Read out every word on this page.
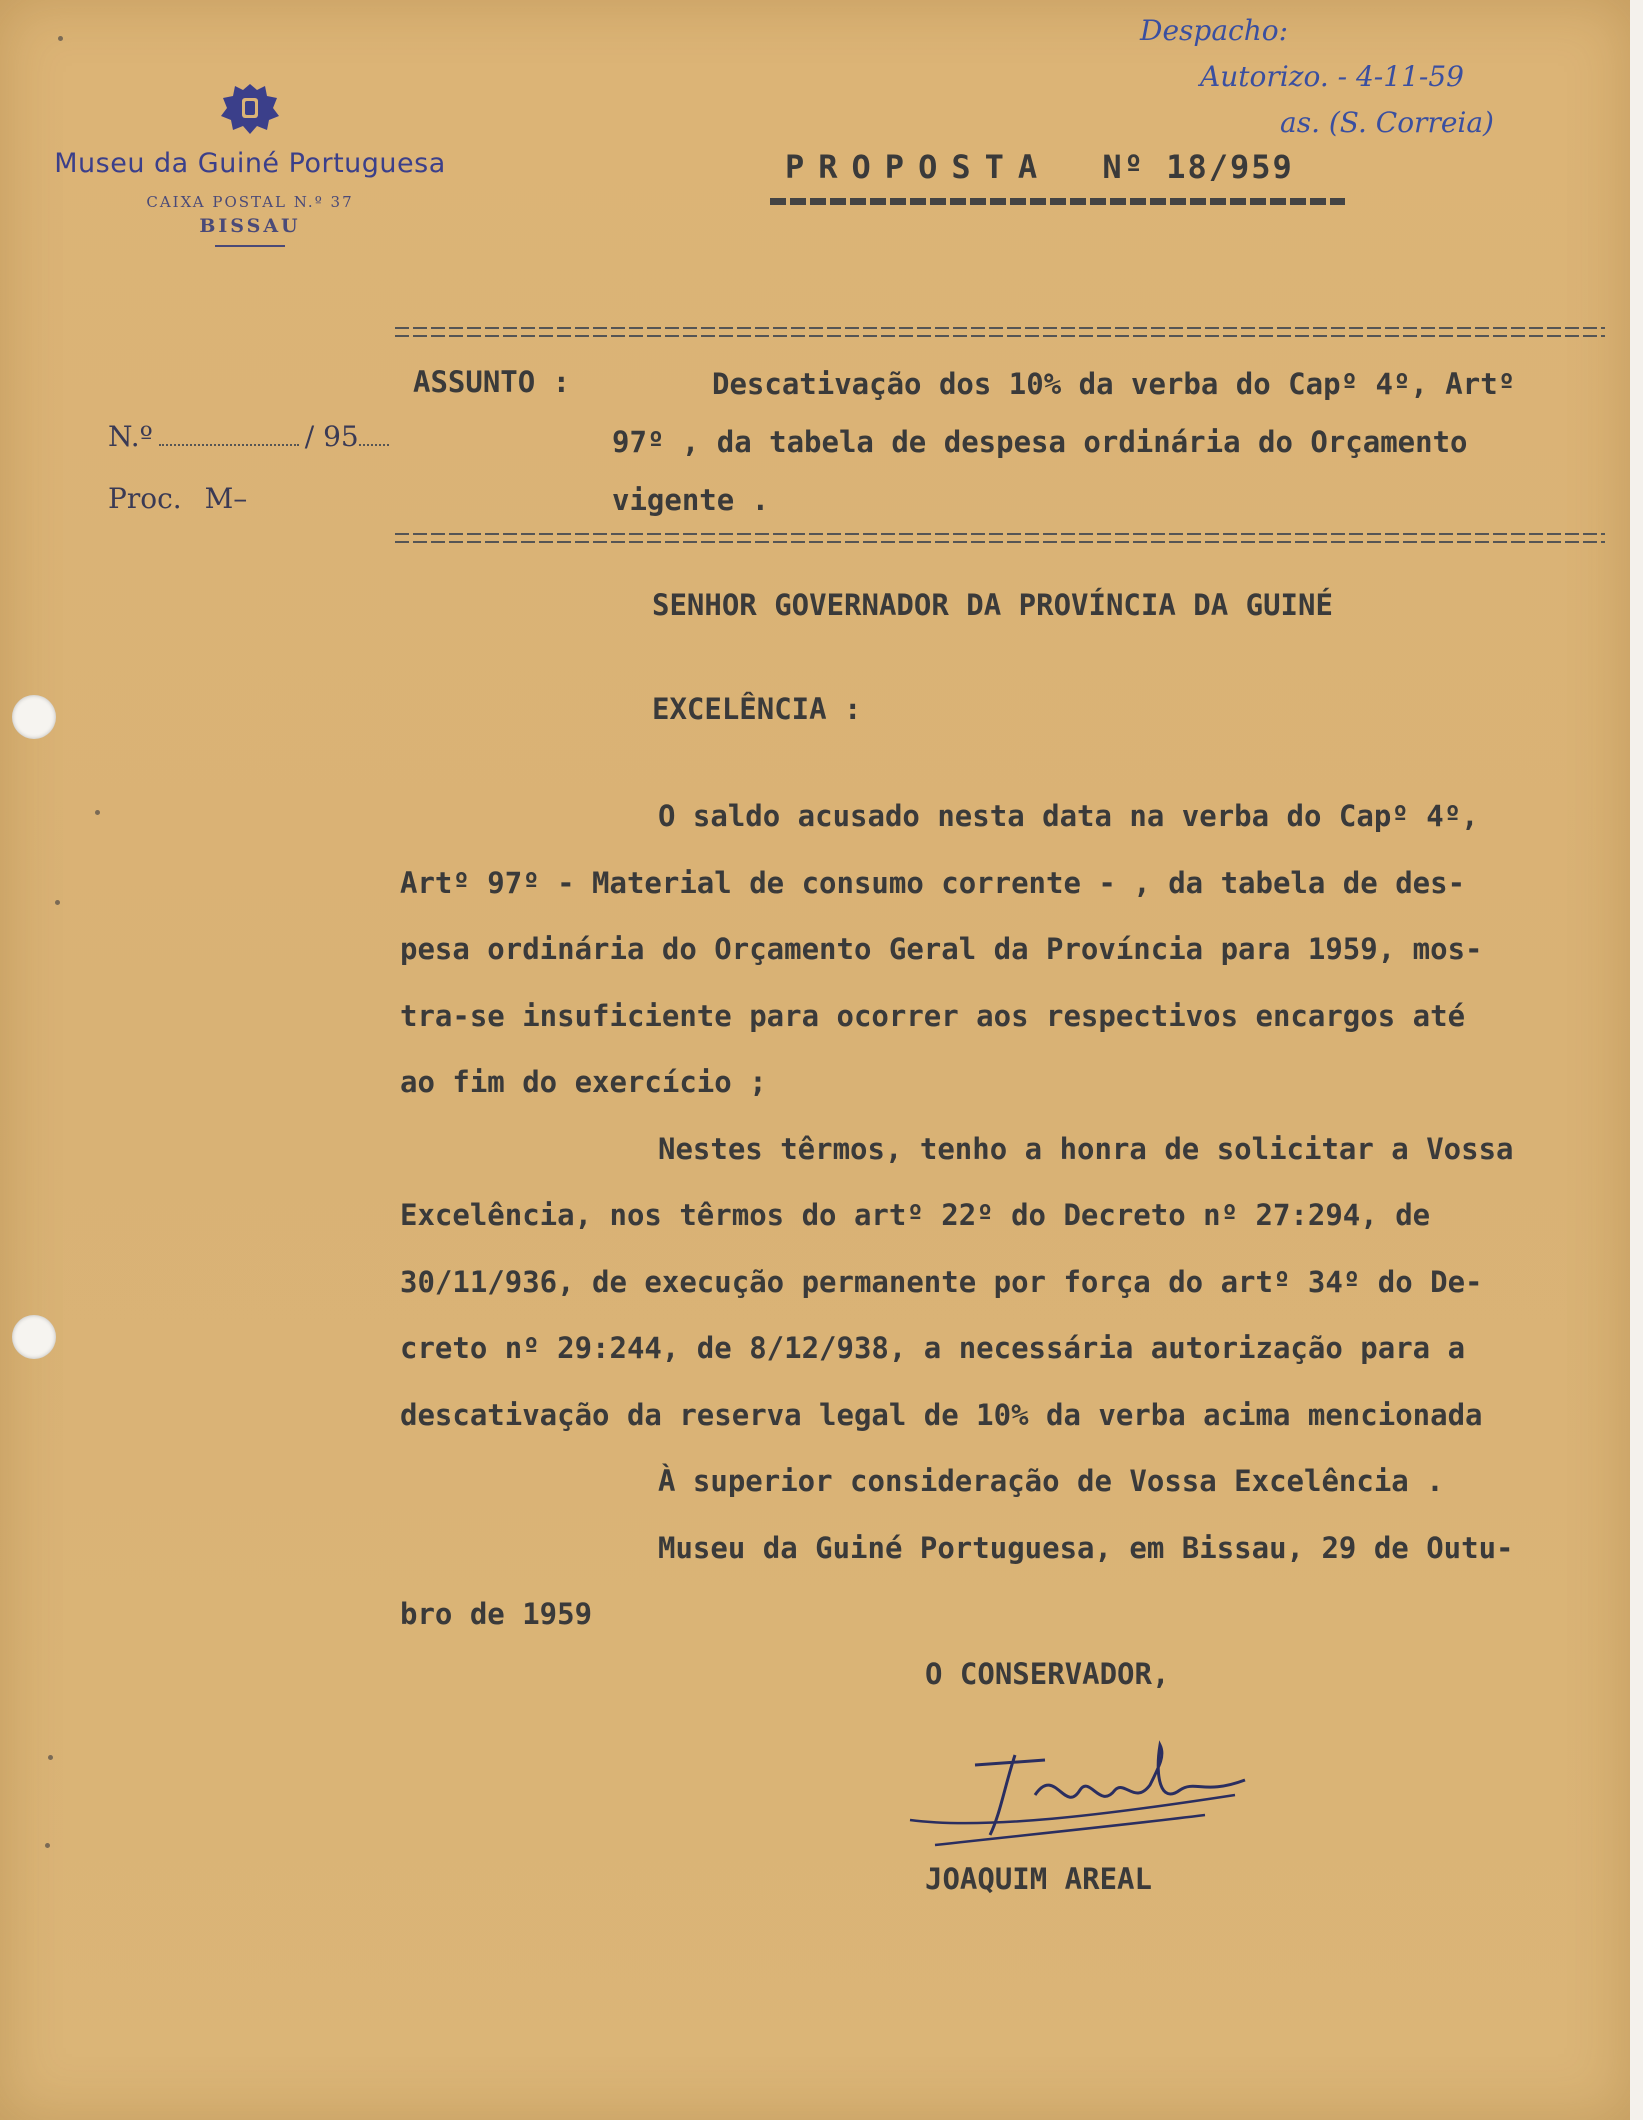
Despacho:
Autorizo. - 4-11-59
as. (S. Correia)
Museu da Guiné Portuguesa
CAIXA POSTAL N.º 37
BISSAU
PROPOSTA Nº 18/959
ASSUNTO :	Descativação dos 10% da verba do Capº 4º, Artº
97º , da tabela de despesa ordinária do Orçamento
vigente .
N.º	/ 95
Proc. M–
SENHOR GOVERNADOR DA PROVÍNCIA DA GUINÉ
EXCELÊNCIA :

O saldo acusado nesta data na verba do Capº 4º,

Artº 97º - Material de consumo corrente - , da tabela de des-

pesa ordinária do Orçamento Geral da Província para 1959, mos-

tra-se insuficiente para ocorrer aos respectivos encargos até

ao fim do exercício ;

Nestes têrmos, tenho a honra de solicitar a Vossa

Excelência, nos têrmos do artº 22º do Decreto nº 27:294, de

30/11/936, de execução permanente por força do artº 34º do De-

creto nº 29:244, de 8/12/938, a necessária autorização para a

descativação da reserva legal de 10% da verba acima mencionada

À superior consideração de Vossa Excelência .

Museu da Guiné Portuguesa, em Bissau, 29 de Outu-

bro de 1959

O CONSERVADOR,
JOAQUIM AREAL
